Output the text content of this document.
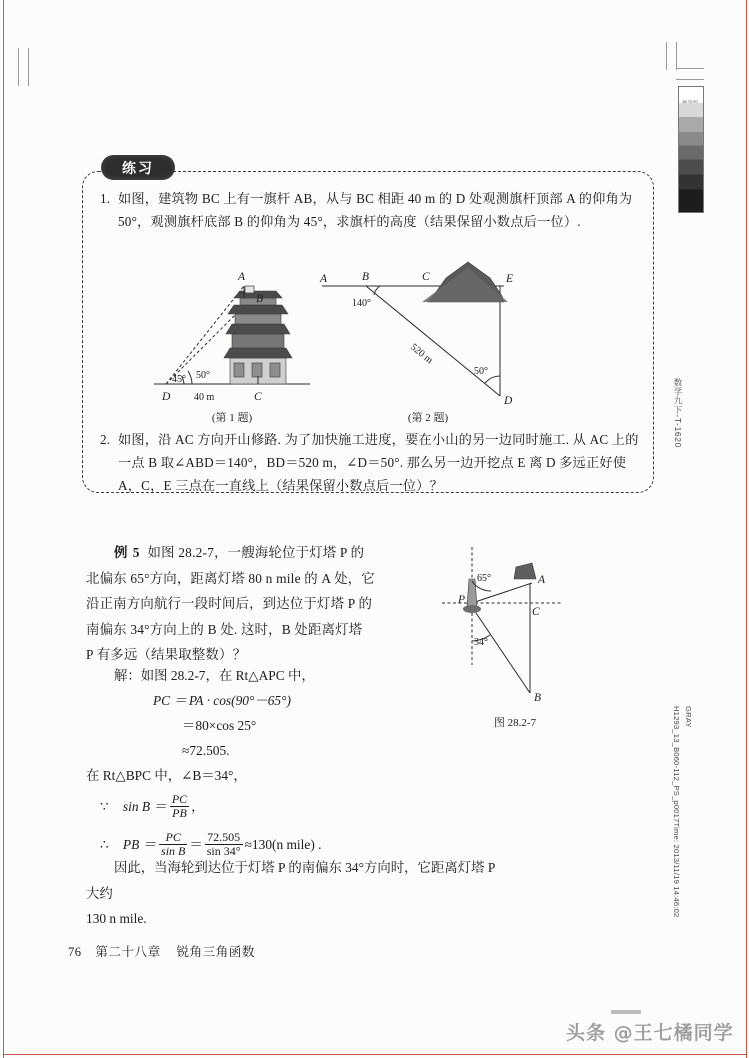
B0 T0 P0
数学九下-T-1620
H1293_13_B060-112_PS_p0017Time: 2013/11/19 14:46:02 GRAY
练习
1. 如图，建筑物 BC 上有一旗杆 AB，从与 BC 相距 40 m 的 D 处观测旗杆顶部 A 的仰角为 50°，观测旗杆底部 B 的仰角为 45°，求旗杆的高度（结果保留小数点后一位）.
A
B
C
D
50°
45°
40 m
(第 1 题)
A	B	C	E
D
140°
50°
520 m
(第 2 题)
2. 如图，沿 AC 方向开山修路. 为了加快施工进度，要在小山的另一边同时施工. 从 AC 上的一点 B 取∠ABD＝140°，BD＝520 m，∠D＝50°. 那么另一边开挖点 E 离 D 多远正好使 A，C，E 三点在一直线上（结果保留小数点后一位）？

例 5 如图 28.2-7，一艘海轮位于灯塔 P 的

北偏东 65°方向，距离灯塔 80 n mile 的 A 处，它

沿正南方向航行一段时间后，到达位于灯塔 P 的

南偏东 34°方向上的 B 处. 这时，B 处距离灯塔

P 有多远（结果取整数）？

解：如图 28.2-7，在 Rt△APC 中，

PC ＝ PA · cos(90°－65°)

＝80×cos 25°

≈72.505.

在 Rt△BPC 中，∠B＝34°，

∵ $\sin B = \frac{PC}{PB}$ ，

∴ PB ＝ $\frac{PC}{\text{sin B}} = \frac{72.505}{\sin 34^\circ} \approx 130(n$ mile) .

P
A
B
C
65°
34°
图 28.2-7

因此，当海轮到达位于灯塔 P 的南偏东 34°方向时，它距离灯塔 P 大约

130 n mile.

76 第二十八章 锐角三角函数
头条 @王七橘同学
